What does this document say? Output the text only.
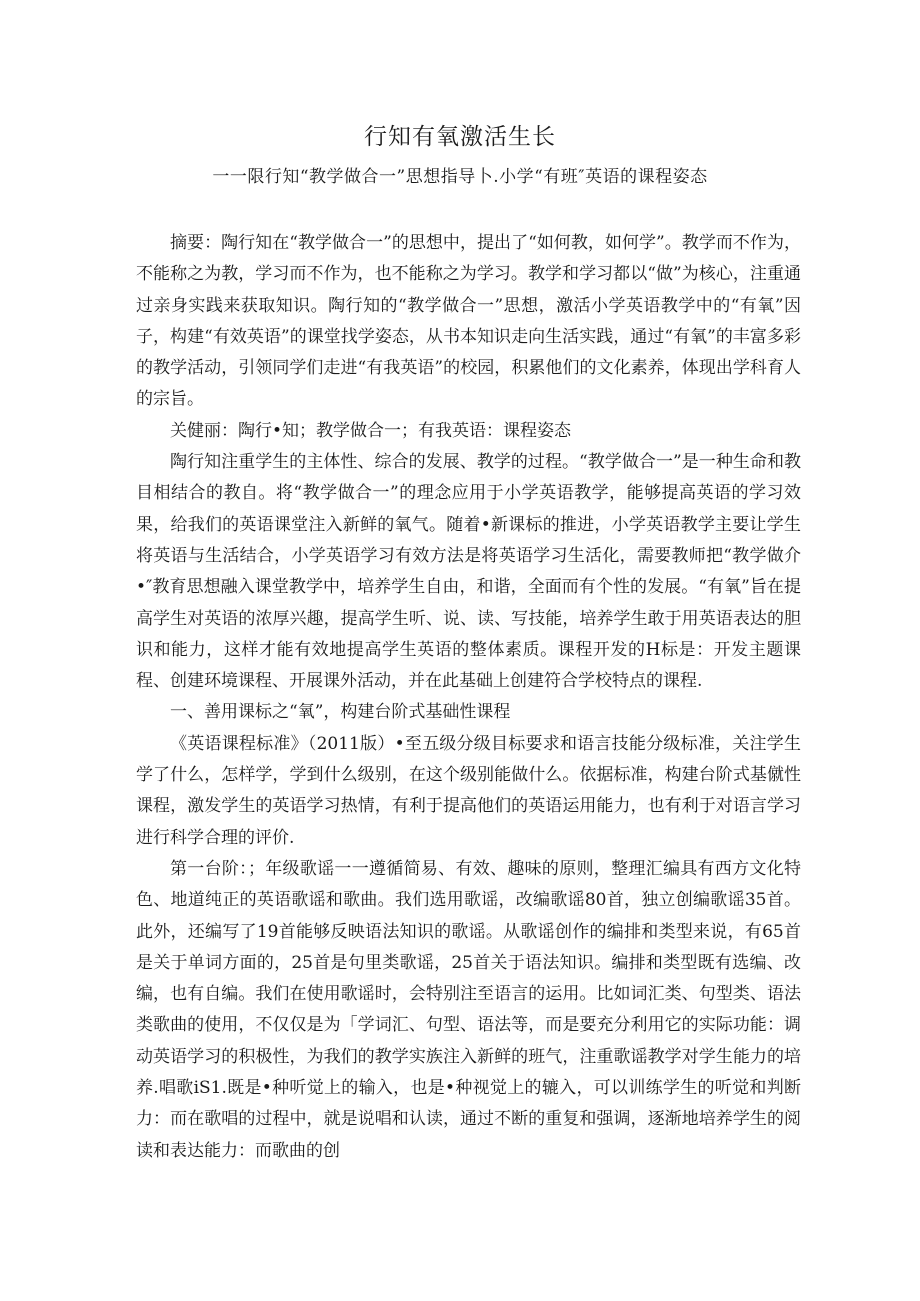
行知有氧激活生长
一一限行知“教学做合一”思想指导卜.小学“有班″英语的课程姿态

摘要：陶行知在“教学做合一”的思想中，提出了“如何教，如何学”。教学而不作为，不能称之为教，学习而不作为，也不能称之为学习。教学和学习都以“做”为核心，注重通过亲身实践来获取知识。陶行知的“教学做合一”思想，激活小学英语教学中的“有氧”因子，构建“有效英语”的课堂找学姿态，从书本知识走向生活实践，通过“有氧”的丰富多彩的教学活动，引领同学们走进“有我英语”的校园，积累他们的文化素养，体现出学科育人的宗旨。

关健丽：陶行•知；教学做合一；有我英语：课程姿态

陶行知注重学生的主体性、综合的发展、教学的过程。“教学做合一”是一种生命和教目相结合的教自。将“教学做合一”的理念应用于小学英语教学，能够提高英语的学习效果，给我们的英语课堂注入新鲜的氧气。随着•新课标的推进，小学英语教学主要让学生将英语与生活结合，小学英语学习有效方法是将英语学习生活化，需要教师把“教学做介•″教育思想融入课堂教学中，培养学生自由，和谐，全面而有个性的发展。“有氧”旨在提高学生对英语的浓厚兴趣，提高学生听、说、读、写技能，培养学生敢于用英语表达的胆识和能力，这样才能有效地提高学生英语的整体素质。课程开发的H标是：开发主题课程、创建环境课程、开展课外活动，并在此基础上创建符合学校特点的课程.

一、善用课标之“氧”，构建台阶式基础性课程

《英语课程标准》（2011版）•至五级分级目标要求和语言技能分级标准，关注学生学了什么，怎样学，学到什么级别，在这个级别能做什么。依据标准，构建台阶式基僦性课程，激发学生的英语学习热情，有利于提高他们的英语运用能力，也有利于对语言学习进行科学合理的评价.

第一台阶：；年级歌谣一一遵循简易、有效、趣味的原则，整理汇编具有西方文化特色、地道纯正的英语歌谣和歌曲。我们选用歌谣，改编歌谣80首，独立创编歌谣35首。此外，还编写了19首能够反映语法知识的歌谣。从歌谣创作的编排和类型来说，有65首是关于单词方面的，25首是句里类歌谣，25首关于语法知识。编排和类型既有选编、改编，也有自编。我们在使用歌谣时，会特别注至语言的运用。比如词汇类、句型类、语法类歌曲的使用，不仅仅是为「学词汇、句型、语法等，而是要充分利用它的实际功能：调动英语学习的积极性，为我们的教学实族注入新鲜的班气，注重歌谣教学对学生能力的培养.唱歌iS1.既是•种听觉上的输入，也是•种视觉上的辘入，可以训练学生的听觉和判断力：而在歌唱的过程中，就是说唱和认读，通过不断的重复和强调，逐渐地培养学生的阅读和表达能力：而歌曲的创
